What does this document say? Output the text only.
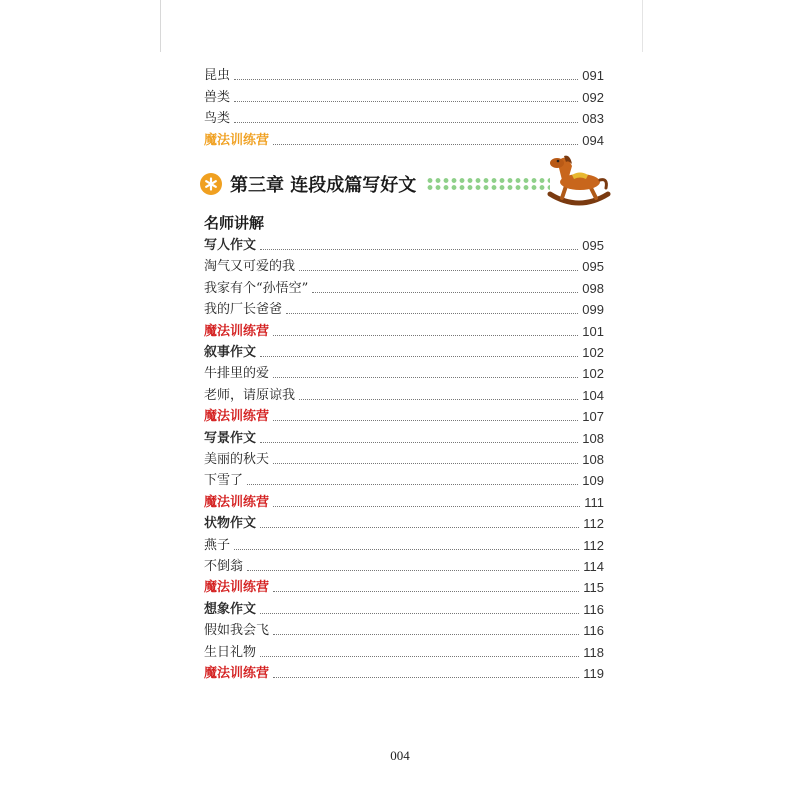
昆虫	091
兽类	092
鸟类	083
魔法训练营	094
第三章 连段成篇写好文
名师讲解
写人作文	095
淘气又可爱的我	095
我家有个“孙悟空”	098
我的厂长爸爸	099
魔法训练营	101
叙事作文	102
牛排里的爱	102
老师，请原谅我	104
魔法训练营	107
写景作文	108
美丽的秋天	108
下雪了	109
魔法训练营	111
状物作文	112
燕子	112
不倒翁	114
魔法训练营	115
想象作文	116
假如我会飞	116
生日礼物	118
魔法训练营	119
004
